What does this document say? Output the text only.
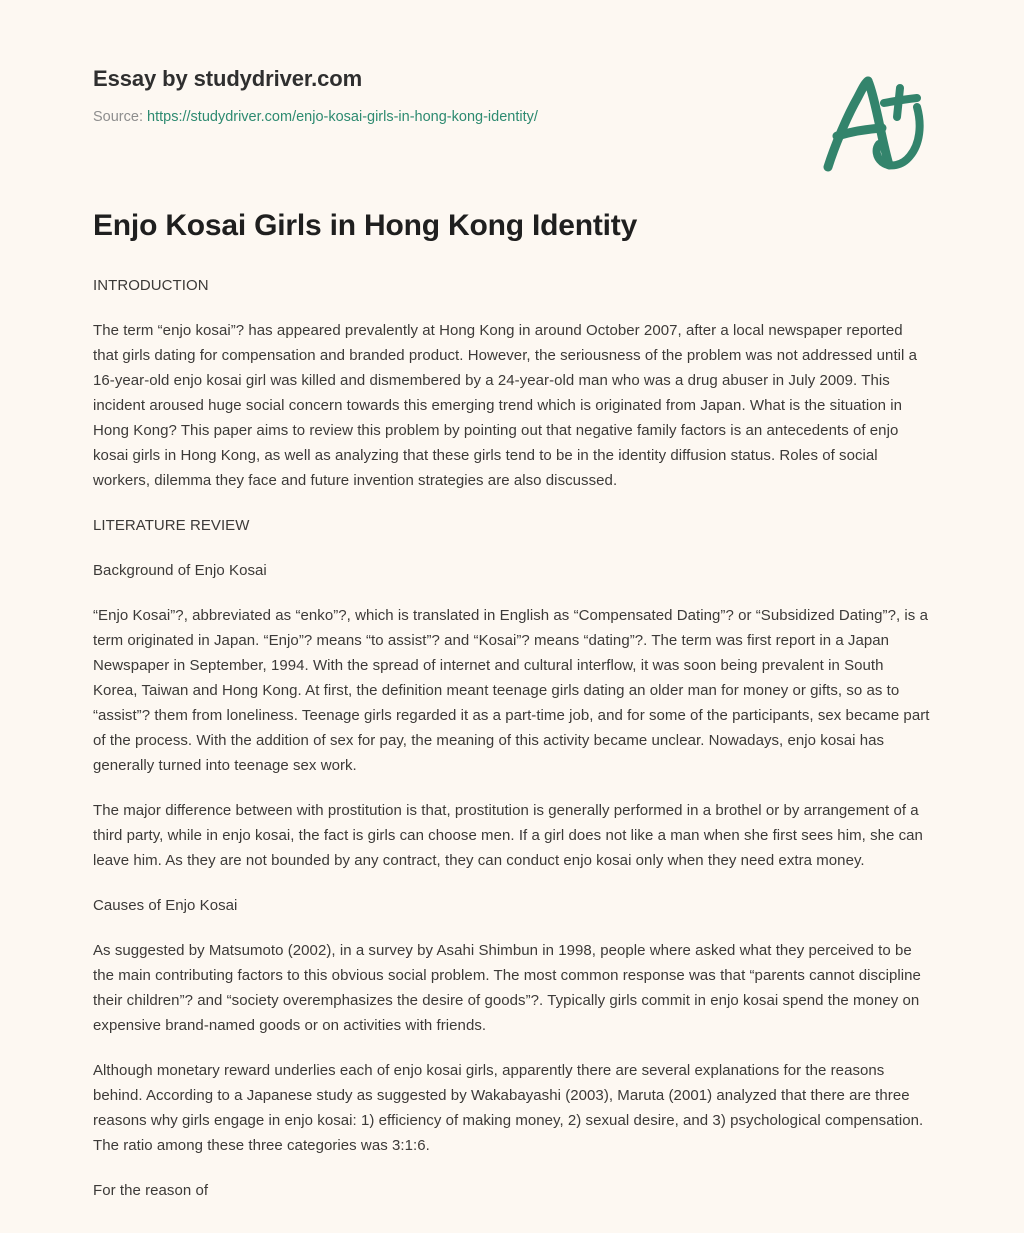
Essay by studydriver.com
Source: https://studydriver.com/enjo-kosai-girls-in-hong-kong-identity/
Enjo Kosai Girls in Hong Kong Identity

INTRODUCTION

The term “enjo kosai”? has appeared prevalently at Hong Kong in around October 2007, after a local newspaper reported that girls dating for compensation and branded product. However, the seriousness of the problem was not addressed until a 16-year-old enjo kosai girl was killed and dismembered by a 24-year-old man who was a drug abuser in July 2009. This incident aroused huge social concern towards this emerging trend which is originated from Japan. What is the situation in Hong Kong? This paper aims to review this problem by pointing out that negative family factors is an antecedents of enjo kosai girls in Hong Kong, as well as analyzing that these girls tend to be in the identity diffusion status. Roles of social workers, dilemma they face and future invention strategies are also discussed.

LITERATURE REVIEW

Background of Enjo Kosai

“Enjo Kosai”?, abbreviated as “enko”?, which is translated in English as “Compensated Dating”? or “Subsidized Dating”?, is a term originated in Japan. “Enjo”? means “to assist”? and “Kosai”? means “dating”?. The term was first report in a Japan Newspaper in September, 1994. With the spread of internet and cultural interflow, it was soon being prevalent in South Korea, Taiwan and Hong Kong. At first, the definition meant teenage girls dating an older man for money or gifts, so as to “assist”? them from loneliness. Teenage girls regarded it as a part-time job, and for some of the participants, sex became part of the process. With the addition of sex for pay, the meaning of this activity became unclear. Nowadays, enjo kosai has generally turned into teenage sex work.

The major difference between with prostitution is that, prostitution is generally performed in a brothel or by arrangement of a third party, while in enjo kosai, the fact is girls can choose men. If a girl does not like a man when she first sees him, she can leave him. As they are not bounded by any contract, they can conduct enjo kosai only when they need extra money.

Causes of Enjo Kosai

As suggested by Matsumoto (2002), in a survey by Asahi Shimbun in 1998, people where asked what they perceived to be the main contributing factors to this obvious social problem. The most common response was that “parents cannot discipline their children”? and “society overemphasizes the desire of goods”?. Typically girls commit in enjo kosai spend the money on expensive brand-named goods or on activities with friends.

Although monetary reward underlies each of enjo kosai girls, apparently there are several explanations for the reasons behind. According to a Japanese study as suggested by Wakabayashi (2003), Maruta (2001) analyzed that there are three reasons why girls engage in enjo kosai: 1) efficiency of making money, 2) sexual desire, and 3) psychological compensation. The ratio among these three categories was 3:1:6.

For the reason of
